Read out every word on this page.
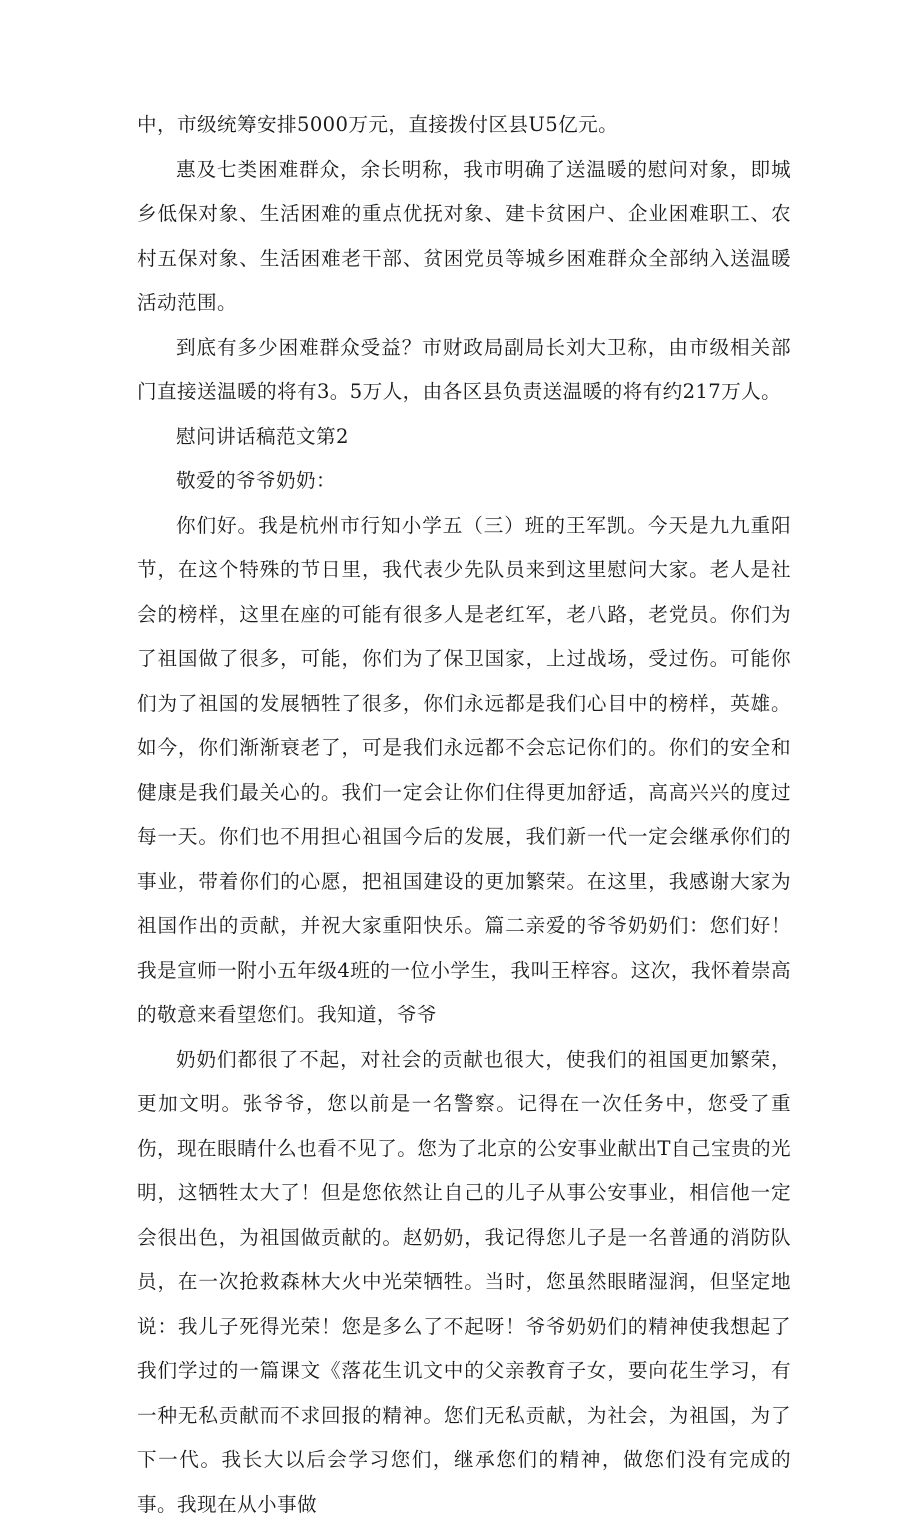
中，市级统筹安排5000万元，直接拨付区县U5亿元。

惠及七类困难群众，余长明称，我市明确了送温暖的慰问对象，即城乡低保对象、生活困难的重点优抚对象、建卡贫困户、企业困难职工、农村五保对象、生活困难老干部、贫困党员等城乡困难群众全部纳入送温暖活动范围。

到底有多少困难群众受益？市财政局副局长刘大卫称，由市级相关部门直接送温暖的将有3。5万人，由各区县负责送温暖的将有约217万人。

慰问讲话稿范文第2

敬爱的爷爷奶奶：

你们好。我是杭州市行知小学五（三）班的王军凯。今天是九九重阳节，在这个特殊的节日里，我代表少先队员来到这里慰问大家。老人是社会的榜样，这里在座的可能有很多人是老红军，老八路，老党员。你们为了祖国做了很多，可能，你们为了保卫国家，上过战场，受过伤。可能你们为了祖国的发展牺牲了很多，你们永远都是我们心目中的榜样，英雄。如今，你们渐渐衰老了，可是我们永远都不会忘记你们的。你们的安全和健康是我们最关心的。我们一定会让你们住得更加舒适，高高兴兴的度过每一天。你们也不用担心祖国今后的发展，我们新一代一定会继承你们的事业，带着你们的心愿，把祖国建设的更加繁荣。在这里，我感谢大家为祖国作出的贡献，并祝大家重阳快乐。篇二亲爱的爷爷奶奶们：您们好！我是宣师一附小五年级4班的一位小学生，我叫王梓容。这次，我怀着崇高的敬意来看望您们。我知道，爷爷

奶奶们都很了不起，对社会的贡献也很大，使我们的祖国更加繁荣，更加文明。张爷爷，您以前是一名警察。记得在一次任务中，您受了重伤，现在眼睛什么也看不见了。您为了北京的公安事业献出T自己宝贵的光明，这牺牲太大了！但是您依然让自己的儿子从事公安事业，相信他一定会很出色，为祖国做贡献的。赵奶奶，我记得您儿子是一名普通的消防队员，在一次抢救森林大火中光荣牺牲。当时，您虽然眼睹湿润，但坚定地说：我儿子死得光荣！您是多么了不起呀！爷爷奶奶们的精神使我想起了我们学过的一篇课文《落花生讥文中的父亲教育子女，要向花生学习，有一种无私贡献而不求回报的精神。您们无私贡献，为社会，为祖国，为了下一代。我长大以后会学习您们，继承您们的精神，做您们没有完成的事。我现在从小事做
